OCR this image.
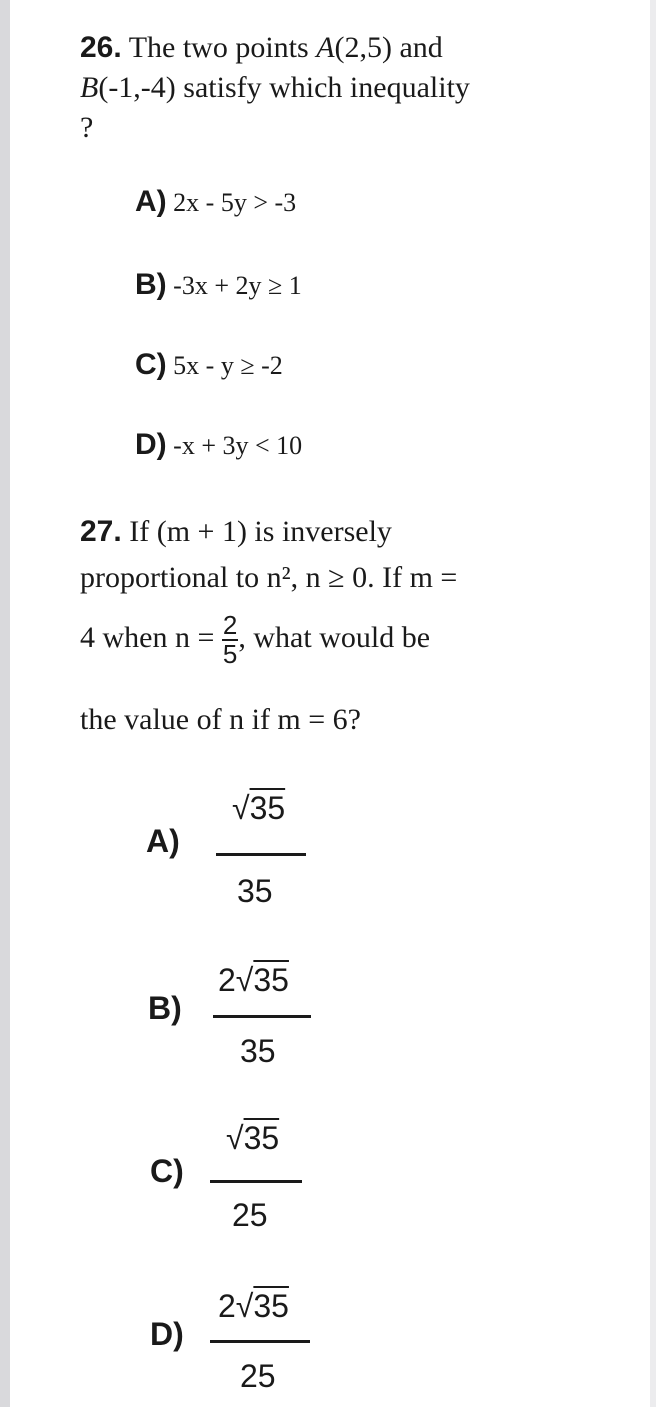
26. The two points A(2,5) and
B(-1,-4) satisfy which inequality
?
A) 2x - 5y > -3
B) -3x + 2y ≥ 1
C) 5x - y ≥ -2
D) -x + 3y < 10
27. If (m + 1) is inversely
proportional to n², n ≥ 0. If m =
4 when $n = \frac{2}{5}$ , what would be
the value of n if m = 6?
A)
√35
35
B)
2√35
35
C)
√35
25
D)
2√35
25
